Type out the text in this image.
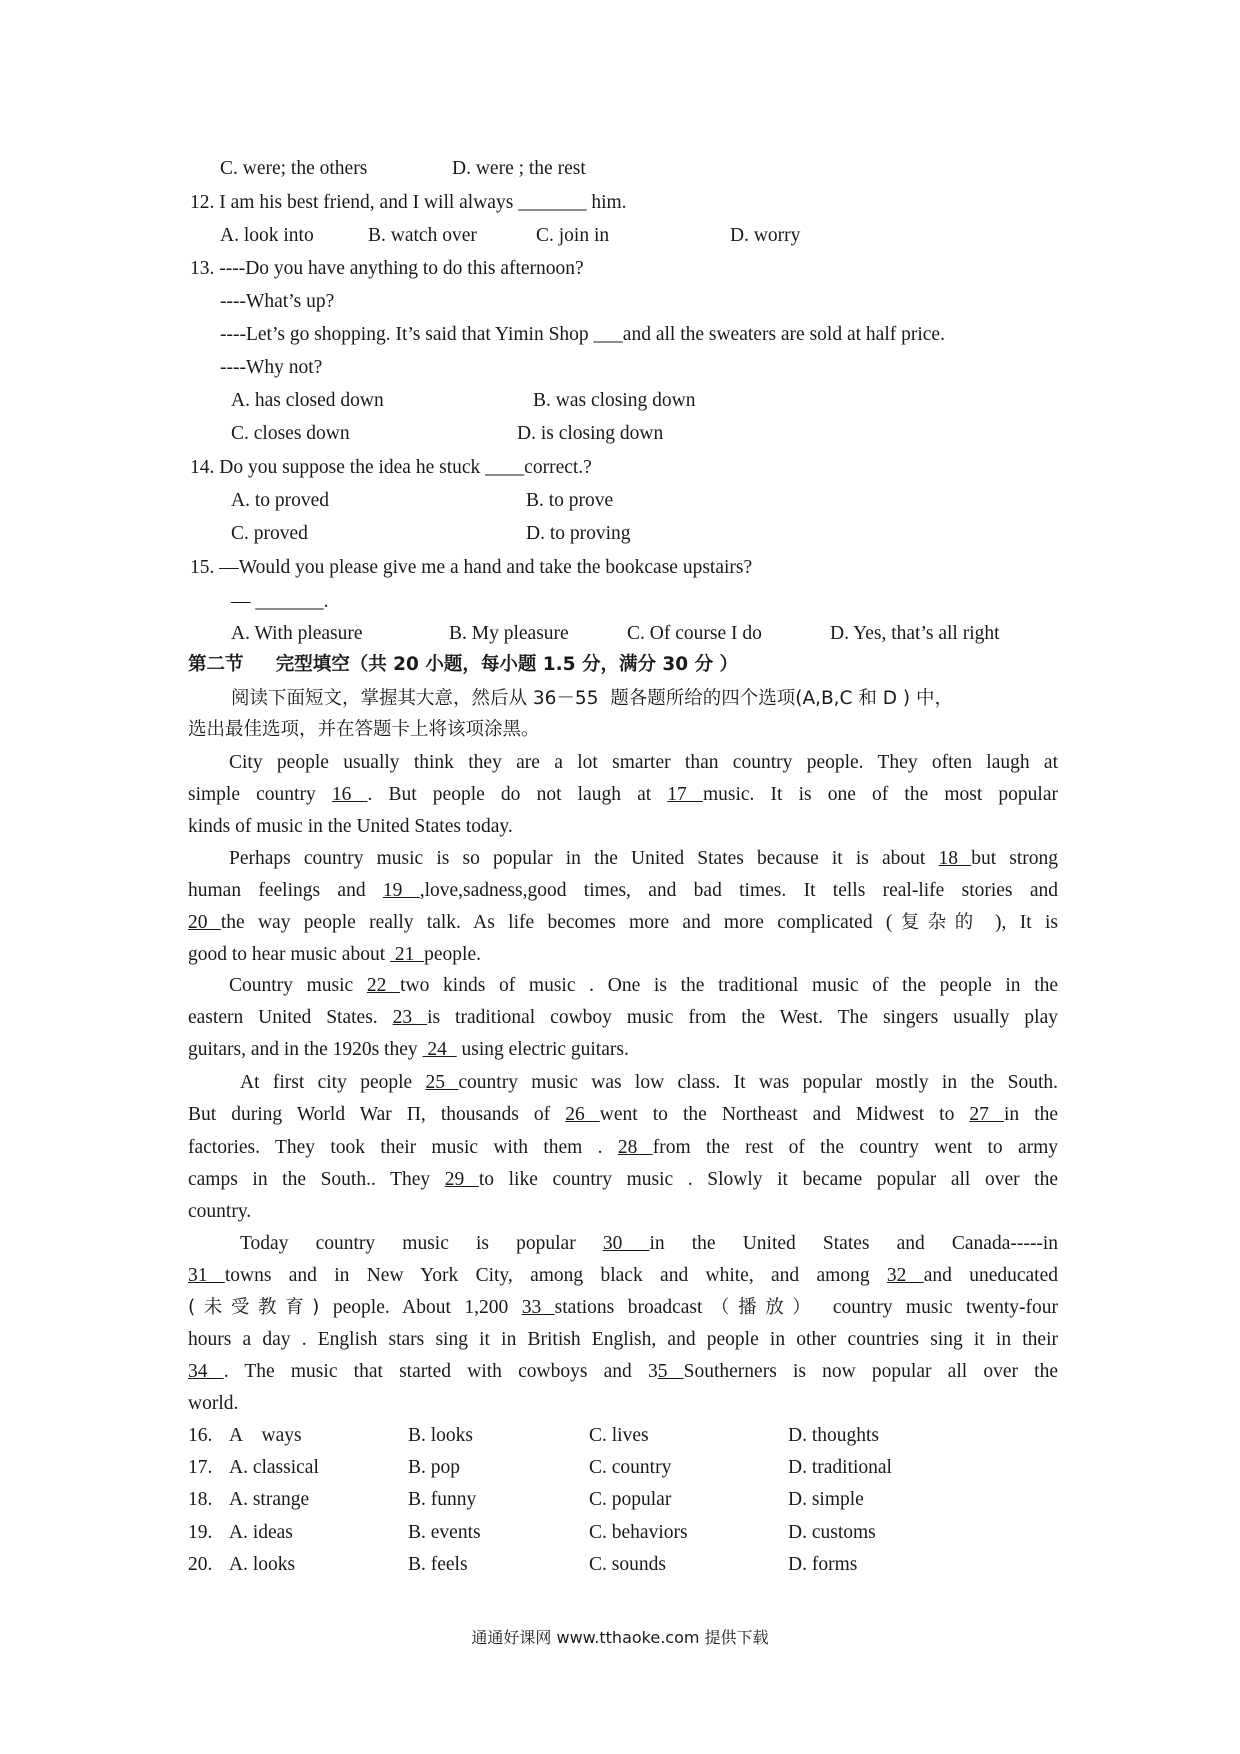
C. were; the others	D. were ; the rest
12. I am his best friend, and I will always _______ him.
A. look into	B. watch over	C. join in	D. worry
13. ----Do you have anything to do this afternoon?
----What’s up?
----Let’s go shopping. It’s said that Yimin Shop ___and all the sweaters are sold at half price.
----Why not?
A. has closed down	B. was closing down
C. closes down	D. is closing down
14. Do you suppose the idea he stuck ____correct.?
A. to proved	B. to prove
C. proved	D. to proving
15. —Would you please give me a hand and take the bookcase upstairs?
— _______.
A. With pleasure	B. My pleasure	C. Of course I do	D. Yes, that’s all right
第二节     完型填空（共 20 小题，每小题 1.5 分，满分 30 分 ）
阅读下面短文，掌握其大意，然后从 36－55  题各题所给的四个选项(A,B,C 和 D ) 中，
选出最佳选项，并在答题卡上将该项涂黑。
City people usually think they are a lot smarter than country people. They often laugh at
simple country 16 . But people do not laugh at 17 music. It is one of the most popular
kinds of music in the United States today.
Perhaps country music is so popular in the United States because it is about 18 but strong
human feelings and 19 ,love,sadness,good times, and bad times. It tells real-life stories and
20 the way people really talk. As life becomes more and more complicated (复杂的 ), It is
good to hear music about  21  people.
Country music 22 two kinds of music . One is the traditional music of the people in the
eastern United States. 23 is traditional cowboy music from the West. The singers usually play
guitars, and in the 1920s they  24   using electric guitars.
At first city people 25 country music was low class. It was popular mostly in the South.
But during World War Π, thousands of 26 went to the Northeast and Midwest to 27 in the
factories. They took their music with them . 28 from the rest of the country went to army
camps in the South.. They 29 to like country music . Slowly it became popular all over the
country.
Today country music is popular 30 in the United States and Canada-----in
31 towns and in New York City, among black and white, and among 32 and uneducated
(未受教育) people. About 1,200 33 stations broadcast（播放） country music twenty-four
hours a day . English stars sing it in British English, and people in other countries sing it in their
34 . The music that started with cowboys and 35 Southerners is now popular all over the
world.
16. A    ways	B. looks	C. lives	D. thoughts
17. A. classical	B. pop	C. country	D. traditional
18. A. strange	B. funny	C. popular	D. simple
19. A. ideas	B. events	C. behaviors	D. customs
20. A. looks	B. feels	C. sounds	D. forms
通通好课网 www.tthaoke.com 提供下载
